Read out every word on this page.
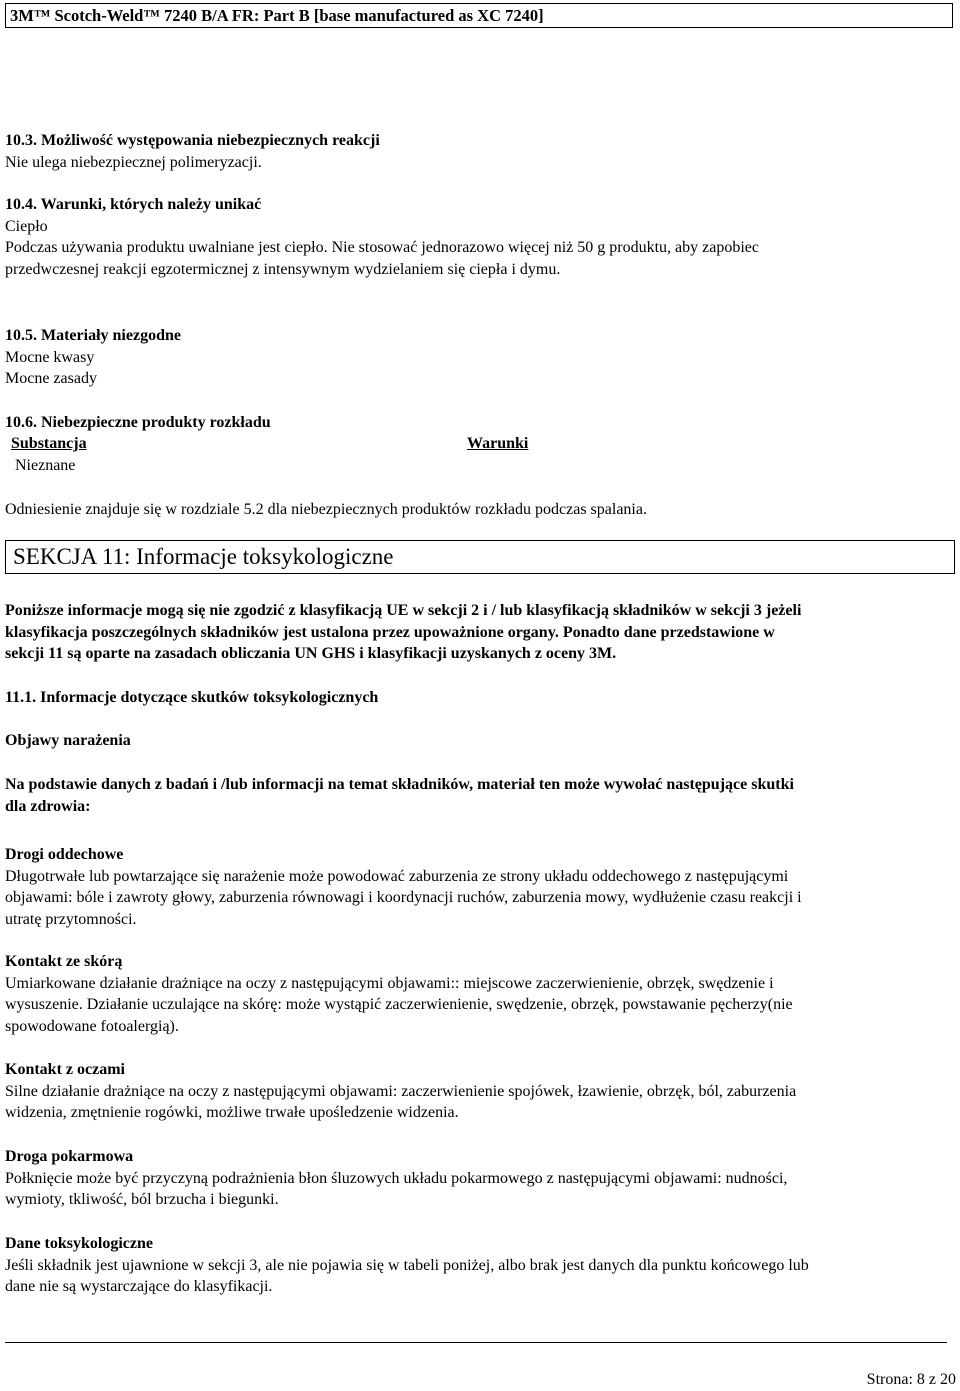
3M™ Scotch-Weld™ 7240 B/A FR: Part B [base manufactured as XC 7240]
10.3. Możliwość występowania niebezpiecznych reakcji
Nie ulega niebezpiecznej polimeryzacji.
10.4. Warunki, których należy unikać
Ciepło
Podczas używania produktu uwalniane jest ciepło. Nie stosować jednorazowo więcej niż 50 g produktu, aby zapobiec
przedwczesnej reakcji egzotermicznej z intensywnym wydzielaniem się ciepła i dymu.
10.5. Materiały niezgodne
Mocne kwasy
Mocne zasady
10.6. Niebezpieczne produkty rozkładu
Substancja	Warunki
Nieznane
Odniesienie znajduje się w rozdziale 5.2 dla niebezpiecznych produktów rozkładu podczas spalania.
SEKCJA 11: Informacje toksykologiczne
Poniższe informacje mogą się nie zgodzić z klasyfikacją UE w sekcji 2 i / lub klasyfikacją składników w sekcji 3 jeżeli
klasyfikacja poszczególnych składników jest ustalona przez upoważnione organy. Ponadto dane przedstawione w
sekcji 11 są oparte na zasadach obliczania UN GHS i klasyfikacji uzyskanych z oceny 3M.
11.1. Informacje dotyczące skutków toksykologicznych
Objawy narażenia
Na podstawie danych z badań i /lub informacji na temat składników, materiał ten może wywołać następujące skutki
dla zdrowia:
Drogi oddechowe
Długotrwałe lub powtarzające się narażenie może powodować zaburzenia ze strony układu oddechowego z następującymi
objawami: bóle i zawroty głowy, zaburzenia równowagi i koordynacji ruchów, zaburzenia mowy, wydłużenie czasu reakcji i
utratę przytomności.
Kontakt ze skórą
Umiarkowane działanie drażniące na oczy z następującymi objawami:: miejscowe zaczerwienienie, obrzęk, swędzenie i
wysuszenie. Działanie uczulające na skórę: może wystąpić zaczerwienienie, swędzenie, obrzęk, powstawanie pęcherzy(nie
spowodowane fotoalergią).
Kontakt z oczami
Silne działanie drażniące na oczy z następującymi objawami: zaczerwienienie spojówek, łzawienie, obrzęk, ból, zaburzenia
widzenia, zmętnienie rogówki, możliwe trwałe upośledzenie widzenia.
Droga pokarmowa
Połknięcie może być przyczyną podrażnienia błon śluzowych układu pokarmowego z następującymi objawami: nudności,
wymioty, tkliwość, ból brzucha i biegunki.
Dane toksykologiczne
Jeśli składnik jest ujawnione w sekcji 3, ale nie pojawia się w tabeli poniżej, albo brak jest danych dla punktu końcowego lub
dane nie są wystarczające do klasyfikacji.
Strona: 8 z 20
